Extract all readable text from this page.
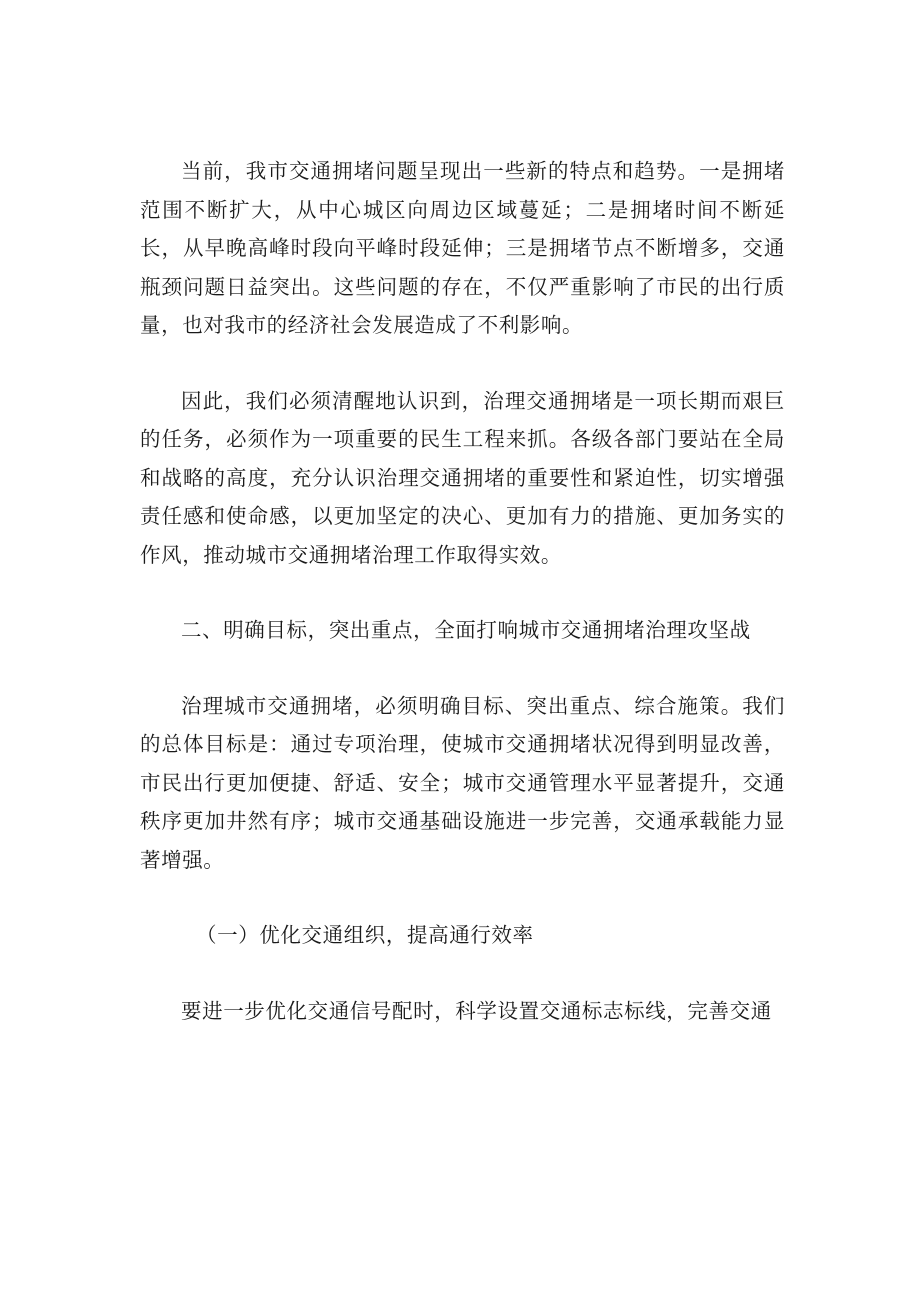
当前，我市交通拥堵问题呈现出一些新的特点和趋势。一是拥堵范围不断扩大，从中心城区向周边区域蔓延；二是拥堵时间不断延长，从早晚高峰时段向平峰时段延伸；三是拥堵节点不断增多，交通瓶颈问题日益突出。这些问题的存在，不仅严重影响了市民的出行质量，也对我市的经济社会发展造成了不利影响。

因此，我们必须清醒地认识到，治理交通拥堵是一项长期而艰巨的任务，必须作为一项重要的民生工程来抓。各级各部门要站在全局和战略的高度，充分认识治理交通拥堵的重要性和紧迫性，切实增强责任感和使命感，以更加坚定的决心、更加有力的措施、更加务实的作风，推动城市交通拥堵治理工作取得实效。

二、明确目标，突出重点，全面打响城市交通拥堵治理攻坚战

治理城市交通拥堵，必须明确目标、突出重点、综合施策。我们的总体目标是：通过专项治理，使城市交通拥堵状况得到明显改善，市民出行更加便捷、舒适、安全；城市交通管理水平显著提升，交通秩序更加井然有序；城市交通基础设施进一步完善，交通承载能力显著增强。

（一）优化交通组织，提高通行效率

要进一步优化交通信号配时，科学设置交通标志标线，完善交通
